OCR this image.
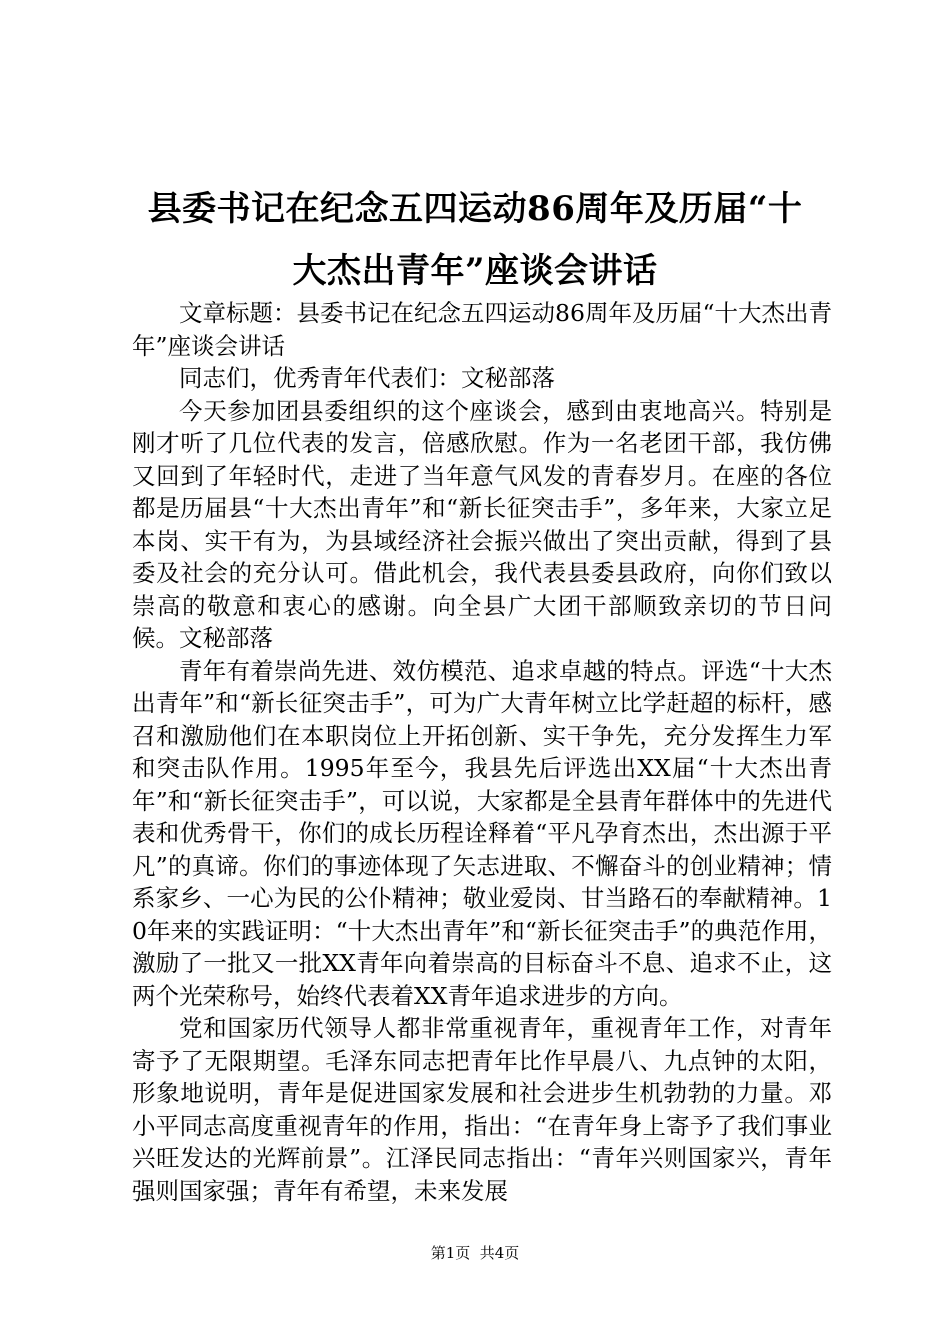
县委书记在纪念五四运动86周年及历届“十
大杰出青年”座谈会讲话

文章标题：县委书记在纪念五四运动86周年及历届“十大杰出青年”座谈会讲话

同志们，优秀青年代表们：文秘部落

今天参加团县委组织的这个座谈会，感到由衷地高兴。特别是刚才听了几位代表的发言，倍感欣慰。作为一名老团干部，我仿佛又回到了年轻时代，走进了当年意气风发的青春岁月。在座的各位都是历届县“十大杰出青年”和“新长征突击手”，多年来，大家立足本岗、实干有为，为县域经济社会振兴做出了突出贡献，得到了县委及社会的充分认可。借此机会，我代表县委县政府，向你们致以崇高的敬意和衷心的感谢。向全县广大团干部顺致亲切的节日问候。文秘部落

青年有着崇尚先进、效仿模范、追求卓越的特点。评选“十大杰出青年”和“新长征突击手”，可为广大青年树立比学赶超的标杆，感召和激励他们在本职岗位上开拓创新、实干争先，充分发挥生力军和突击队作用。1995年至今，我县先后评选出XX届“十大杰出青年”和“新长征突击手”，可以说，大家都是全县青年群体中的先进代表和优秀骨干，你们的成长历程诠释着“平凡孕育杰出，杰出源于平凡”的真谛。你们的事迹体现了矢志进取、不懈奋斗的创业精神；情系家乡、一心为民的公仆精神；敬业爱岗、甘当路石的奉献精神。10年来的实践证明：“十大杰出青年”和“新长征突击手”的典范作用，激励了一批又一批XX青年向着崇高的目标奋斗不息、追求不止，这两个光荣称号，始终代表着XX青年追求进步的方向。

党和国家历代领导人都非常重视青年，重视青年工作，对青年寄予了无限期望。毛泽东同志把青年比作早晨八、九点钟的太阳，形象地说明，青年是促进国家发展和社会进步生机勃勃的力量。邓小平同志高度重视青年的作用，指出：“在青年身上寄予了我们事业兴旺发达的光辉前景”。江泽民同志指出：“青年兴则国家兴，青年强则国家强；青年有希望，未来发展

第1页  共4页
